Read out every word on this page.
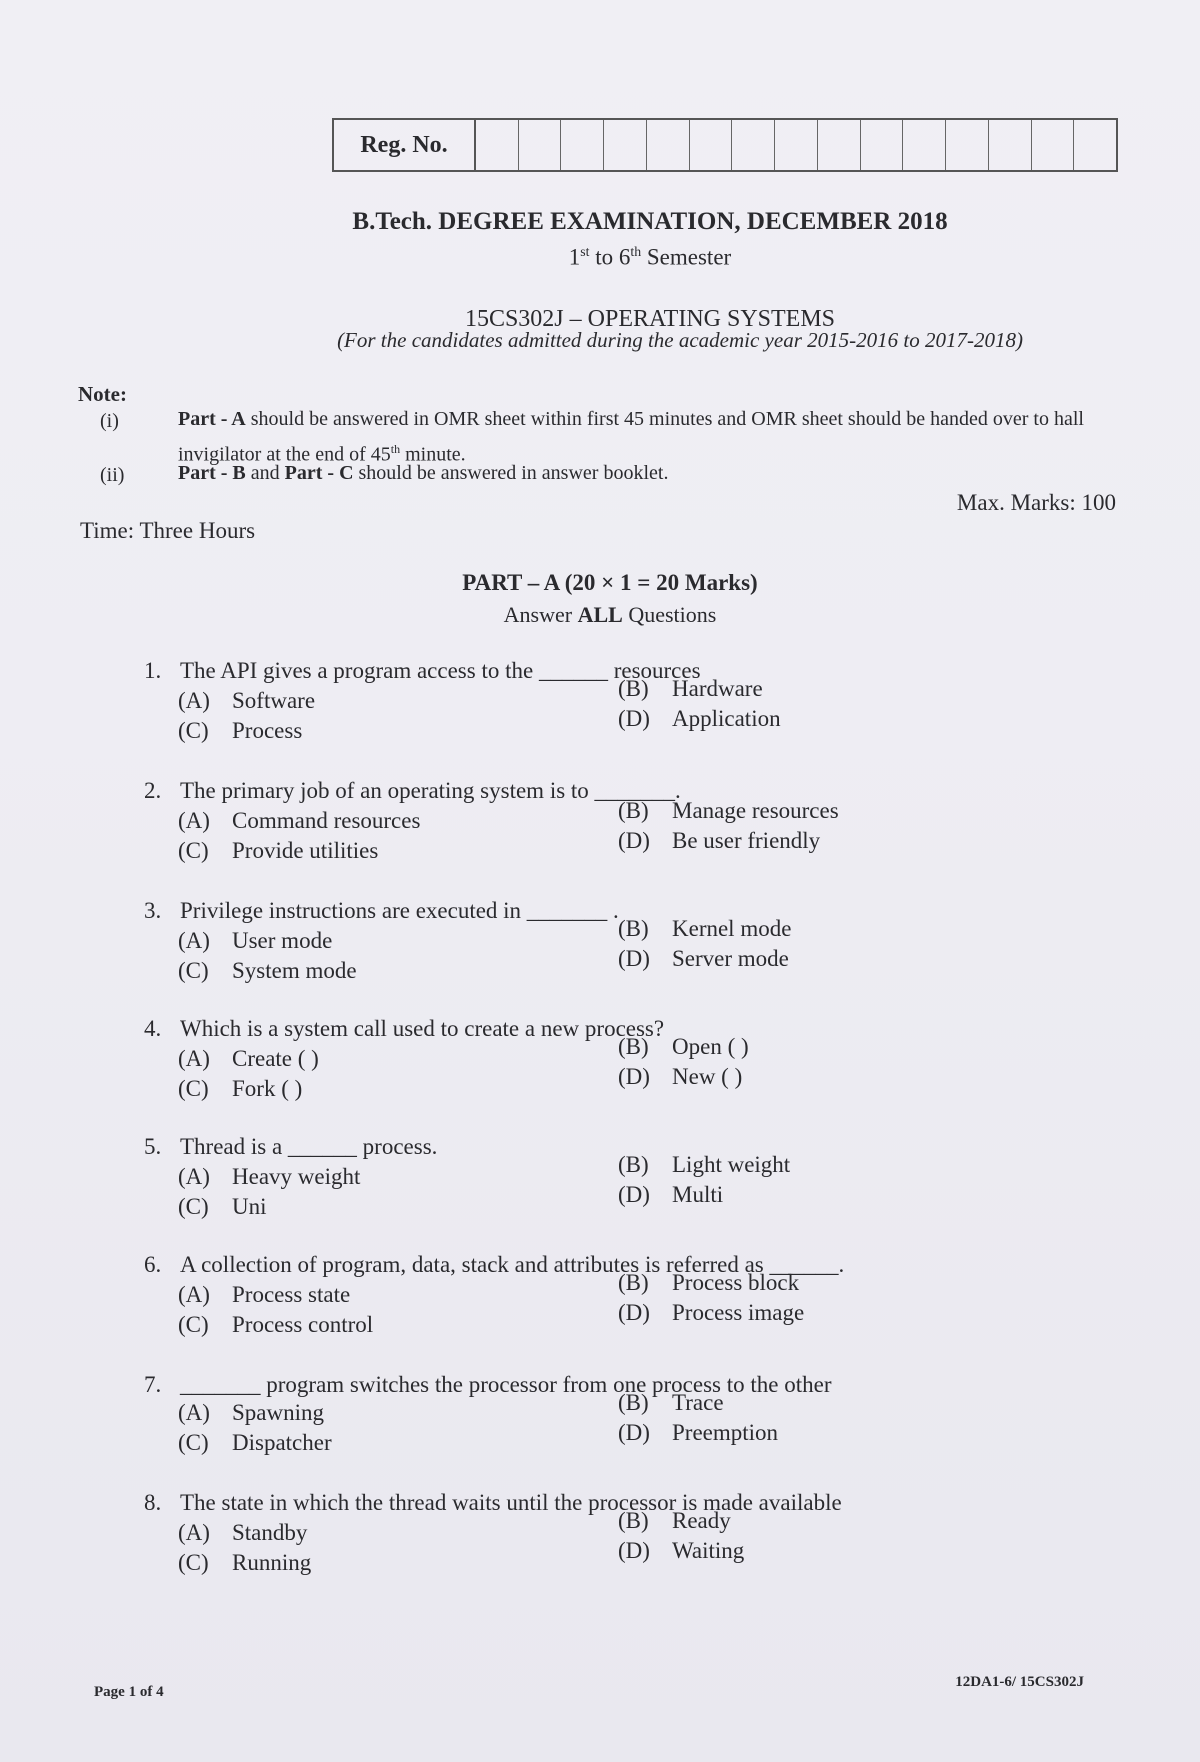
Reg. No.
B.Tech. DEGREE EXAMINATION, DECEMBER 2018
1st to 6th Semester
15CS302J – OPERATING SYSTEMS
(For the candidates admitted during the academic year 2015-2016 to 2017-2018)
Note:
(i)	Part - A should be answered in OMR sheet within first 45 minutes and OMR sheet should be handed over to hall invigilator at the end of 45th minute.
(ii)	Part - B and Part - C should be answered in answer booklet.
Time: Three Hours
Max. Marks: 100
PART – A (20 × 1 = 20 Marks)
Answer ALL Questions
1. The API gives a program access to the ______ resources
(A) Software	(B) Hardware
(C) Process	(D) Application
2. The primary job of an operating system is to _______.
(A) Command resources	(B) Manage resources
(C) Provide utilities	(D) Be user friendly
3. Privilege instructions are executed in _______ .
(A) User mode	(B) Kernel mode
(C) System mode	(D) Server mode
4. Which is a system call used to create a new process?
(A) Create ( )	(B) Open ( )
(C) Fork ( )	(D) New ( )
5. Thread is a ______ process.
(A) Heavy weight	(B) Light weight
(C) Uni	(D) Multi
6. A collection of program, data, stack and attributes is referred as ______.
(A) Process state	(B) Process block
(C) Process control	(D) Process image
7. _______ program switches the processor from one process to the other
(A) Spawning	(B) Trace
(C) Dispatcher	(D) Preemption
8. The state in which the thread waits until the processor is made available
(A) Standby	(B) Ready
(C) Running	(D) Waiting
Page 1 of 4
12DA1-6/ 15CS302J
